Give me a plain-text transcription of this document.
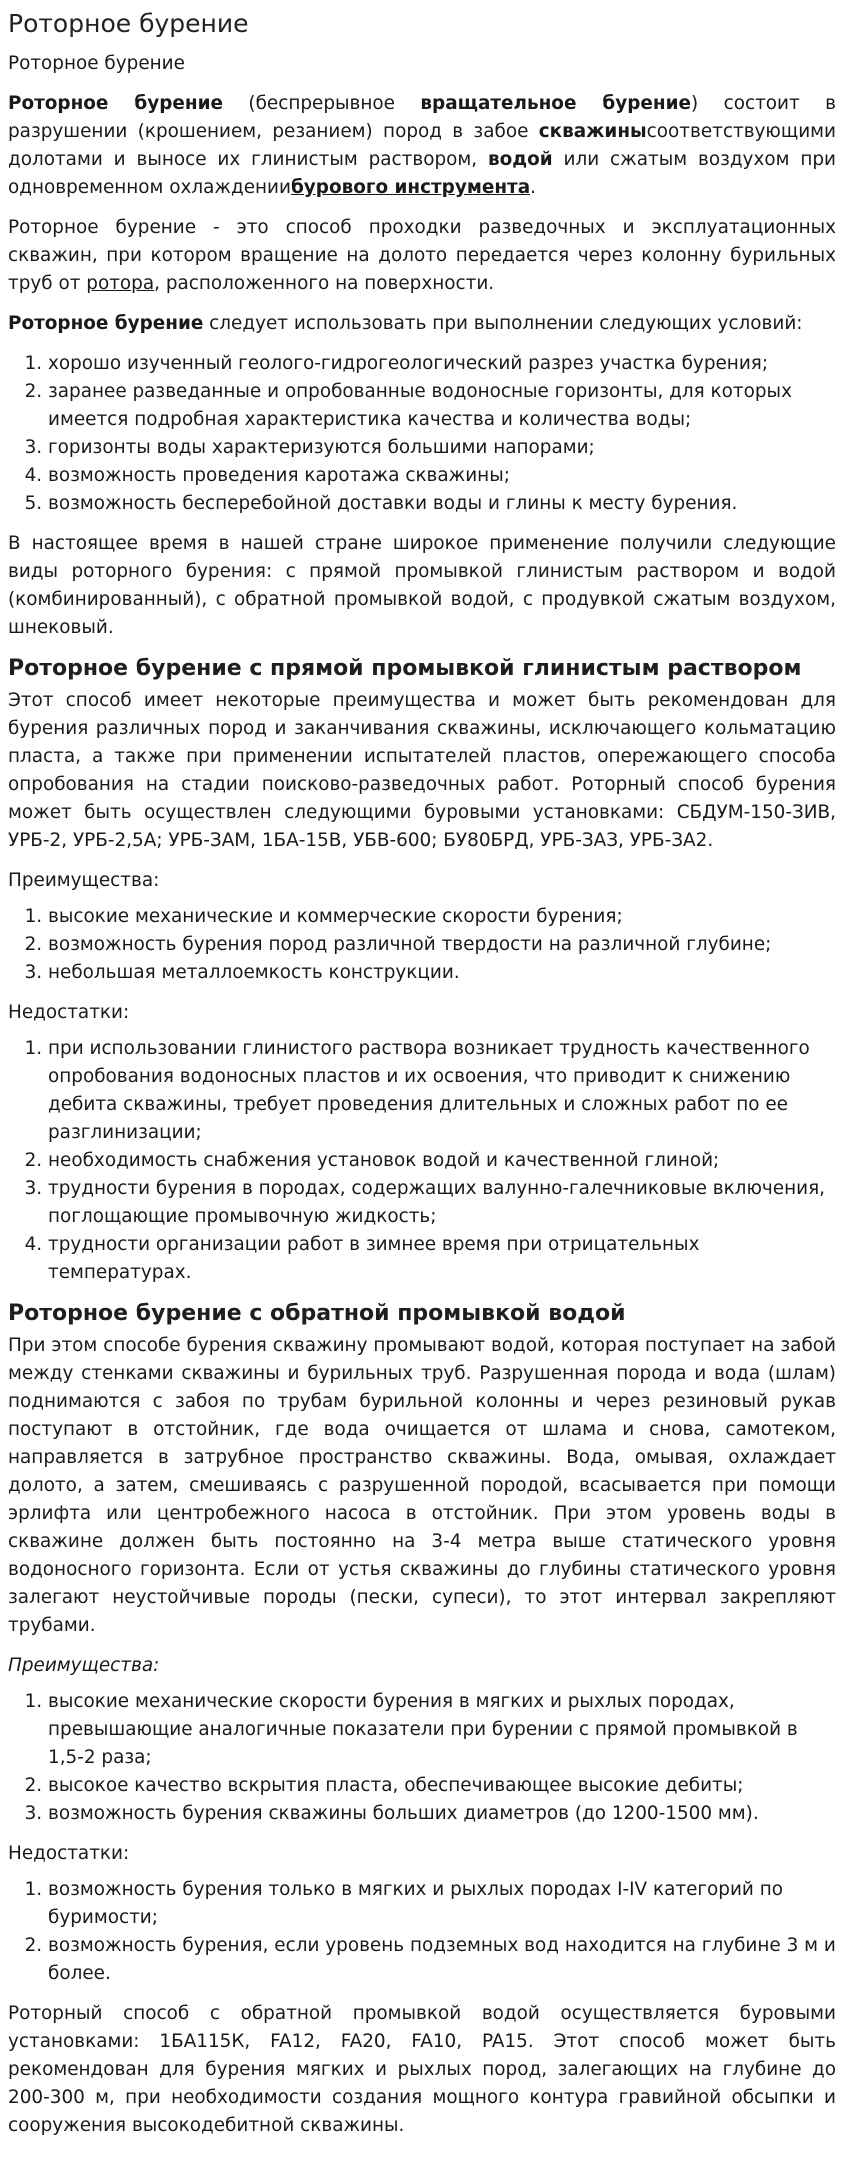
Роторное бурение
Роторное бурение

Роторное бурение (беспрерывное вращательное бурение) состоит в разрушении (крошением, резанием) пород в забое скважинысоответствующими долотами и выносе их глинистым раствором, водой или сжатым воздухом при одновременном охлаждениибурового инструмента.

Роторное бурение - это способ проходки разведочных и эксплуатационных скважин, при котором вращение на долото передается через колонну бурильных труб от ротора, расположенного на поверхности.

Роторное бурение следует использовать при выполнении следующих условий:

1. хорошо изученный геолого-гидрогеологический разрез участка бурения;
2. заранее разведанные и опробованные водоносные горизонты, для которых имеется подробная характеристика качества и количества воды;
3. горизонты воды характеризуются большими напорами;
4. возможность проведения каротажа скважины;
5. возможность бесперебойной доставки воды и глины к месту бурения.

В настоящее время в нашей стране широкое применение получили следующие виды роторного бурения: с прямой промывкой глинистым раствором и водой (комбинированный), с обратной промывкой водой, с продувкой сжатым воздухом, шнековый.

Роторное бурение с прямой промывкой глинистым раствором

Этот способ имеет некоторые преимущества и может быть рекомендован для бурения различных пород и заканчивания скважины, исключающего кольматацию пласта, а также при применении испытателей пластов, опережающего способа опробования на стадии поисково-разведочных работ. Роторный способ бурения может быть осуществлен следующими буровыми установками: СБДУМ-150-ЗИВ, УРБ-2, УРБ-2,5А; УРБ-ЗАМ, 1БА-15В, УБВ-600; БУ80БРД, УРБ-ЗАЗ, УРБ-ЗА2.

Преимущества:
1. высокие механические и коммерческие скорости бурения;
2. возможность бурения пород различной твердости на различной глубине;
3. небольшая металлоемкость конструкции.
Недостатки:
1. при использовании глинистого раствора возникает трудность качественного опробования водоносных пластов и их освоения, что приводит к снижению дебита скважины, требует проведения длительных и сложных работ по ее разглинизации;
2. необходимость снабжения установок водой и качественной глиной;
3. трудности бурения в породах, содержащих валунно-галечниковые включения, поглощающие промывочную жидкость;
4. трудности организации работ в зимнее время при отрицательных температурах.
Роторное бурение с обратной промывкой водой

При этом способе бурения скважину промывают водой, которая поступает на забой между стенками скважины и бурильных труб. Разрушенная порода и вода (шлам) поднимаются с забоя по трубам бурильной колонны и через резиновый рукав поступают в отстойник, где вода очищается от шлама и снова, самотеком, направляется в затрубное пространство скважины. Вода, омывая, охлаждает долото, а затем, смешиваясь с разрушенной породой, всасывается при помощи эрлифта или центробежного насоса в отстойник. При этом уровень воды в скважине должен быть постоянно на 3-4 метра выше статического уровня водоносного горизонта. Если от устья скважины до глубины статического уровня залегают неустойчивые породы (пески, супеси), то этот интервал закрепляют трубами.

Преимущества:
1. высокие механические скорости бурения в мягких и рыхлых породах, превышающие аналогичные показатели при бурении с прямой промывкой в 1,5-2 раза;
2. высокое качество вскрытия пласта, обеспечивающее высокие дебиты;
3. возможность бурения скважины больших диаметров (до 1200-1500 мм).
Недостатки:
1. возможность бурения только в мягких и рыхлых породах I-IV категорий по буримости;
2. возможность бурения, если уровень подземных вод находится на глубине 3 м и более.

Роторный способ с обратной промывкой водой осуществляется буровыми установками: 1БА115К, FA12, FA20, FA10, PA15. Этот способ может быть рекомендован для бурения мягких и рыхлых пород, залегающих на глубине до 200-300 м, при необходимости создания мощного контура гравийной обсыпки и сооружения высокодебитной скважины.
